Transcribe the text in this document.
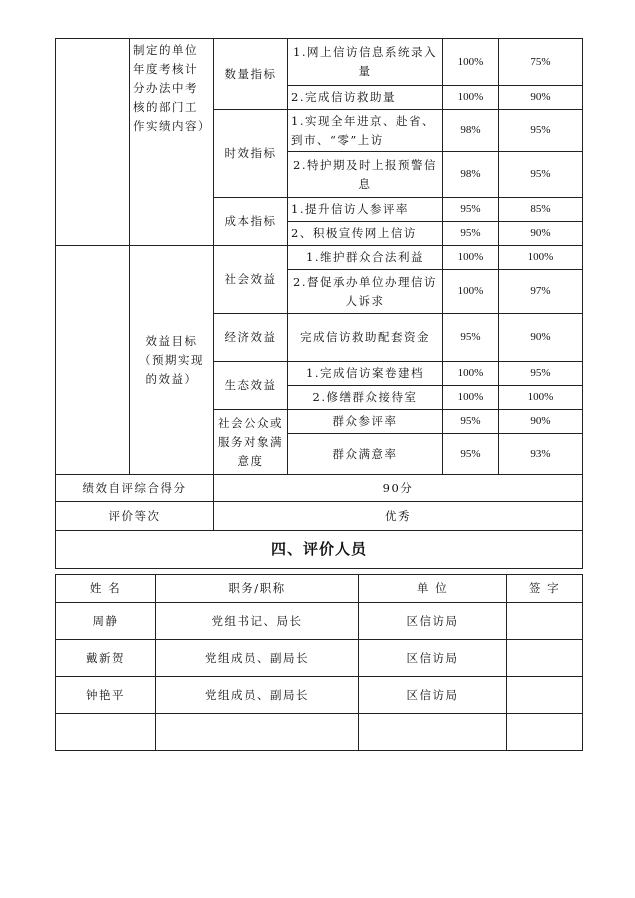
	制定的单位年度考核计分办法中考核的部门工作实绩内容）	数量指标	1.网上信访信息系统录入量	100%	75%
			2.完成信访救助量	100%	90%
		时效指标	1.实现全年进京、赴省、到市、“零”上访	98%	95%
			2.特护期及时上报预警信息	98%	95%
		成本指标	1.提升信访人参评率	95%	85%
			2、积极宣传网上信访	95%	90%
	效益目标（预期实现的效益）	社会效益	1.维护群众合法利益	100%	100%
			2.督促承办单位办理信访人诉求	100%	97%
		经济效益	完成信访救助配套资金	95%	90%
		生态效益	1.完成信访案卷建档	100%	95%
			2.修缮群众接待室	100%	100%
		社会公众或服务对象满意度	群众参评率	95%	90%
			群众满意率	95%	93%
绩效自评综合得分		90分			
评价等次		优秀			
四、评价人员					
姓 名	职务/职称	单 位	签 字
周静	党组书记、局长	区信访局	
戴新贺	党组成员、副局长	区信访局	
钟艳平	党组成员、副局长	区信访局	
